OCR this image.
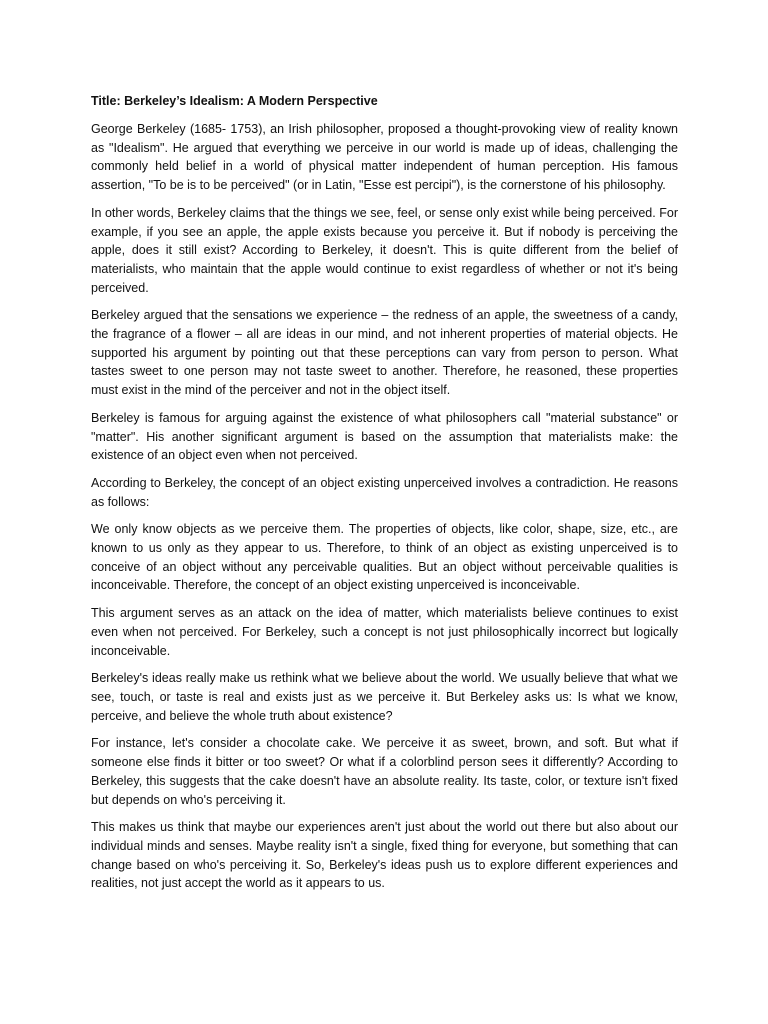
Title: Berkeley’s Idealism: A Modern Perspective

George Berkeley (1685- 1753), an Irish philosopher, proposed a thought-provoking view of reality known as "Idealism". He argued that everything we perceive in our world is made up of ideas, challenging the commonly held belief in a world of physical matter independent of human perception. His famous assertion, "To be is to be perceived" (or in Latin, "Esse est percipi"), is the cornerstone of his philosophy.

In other words, Berkeley claims that the things we see, feel, or sense only exist while being perceived. For example, if you see an apple, the apple exists because you perceive it. But if nobody is perceiving the apple, does it still exist? According to Berkeley, it doesn't. This is quite different from the belief of materialists, who maintain that the apple would continue to exist regardless of whether or not it's being perceived.

Berkeley argued that the sensations we experience – the redness of an apple, the sweetness of a candy, the fragrance of a flower – all are ideas in our mind, and not inherent properties of material objects. He supported his argument by pointing out that these perceptions can vary from person to person. What tastes sweet to one person may not taste sweet to another. Therefore, he reasoned, these properties must exist in the mind of the perceiver and not in the object itself.

Berkeley is famous for arguing against the existence of what philosophers call "material substance" or "matter". His another significant argument is based on the assumption that materialists make: the existence of an object even when not perceived.

According to Berkeley, the concept of an object existing unperceived involves a contradiction. He reasons as follows:

We only know objects as we perceive them. The properties of objects, like color, shape, size, etc., are known to us only as they appear to us. Therefore, to think of an object as existing unperceived is to conceive of an object without any perceivable qualities. But an object without perceivable qualities is inconceivable. Therefore, the concept of an object existing unperceived is inconceivable.

This argument serves as an attack on the idea of matter, which materialists believe continues to exist even when not perceived. For Berkeley, such a concept is not just philosophically incorrect but logically inconceivable.

Berkeley's ideas really make us rethink what we believe about the world. We usually believe that what we see, touch, or taste is real and exists just as we perceive it. But Berkeley asks us: Is what we know, perceive, and believe the whole truth about existence?

For instance, let's consider a chocolate cake. We perceive it as sweet, brown, and soft. But what if someone else finds it bitter or too sweet? Or what if a colorblind person sees it differently? According to Berkeley, this suggests that the cake doesn't have an absolute reality. Its taste, color, or texture isn't fixed but depends on who's perceiving it.

This makes us think that maybe our experiences aren't just about the world out there but also about our individual minds and senses. Maybe reality isn't a single, fixed thing for everyone, but something that can change based on who's perceiving it. So, Berkeley's ideas push us to explore different experiences and realities, not just accept the world as it appears to us.
